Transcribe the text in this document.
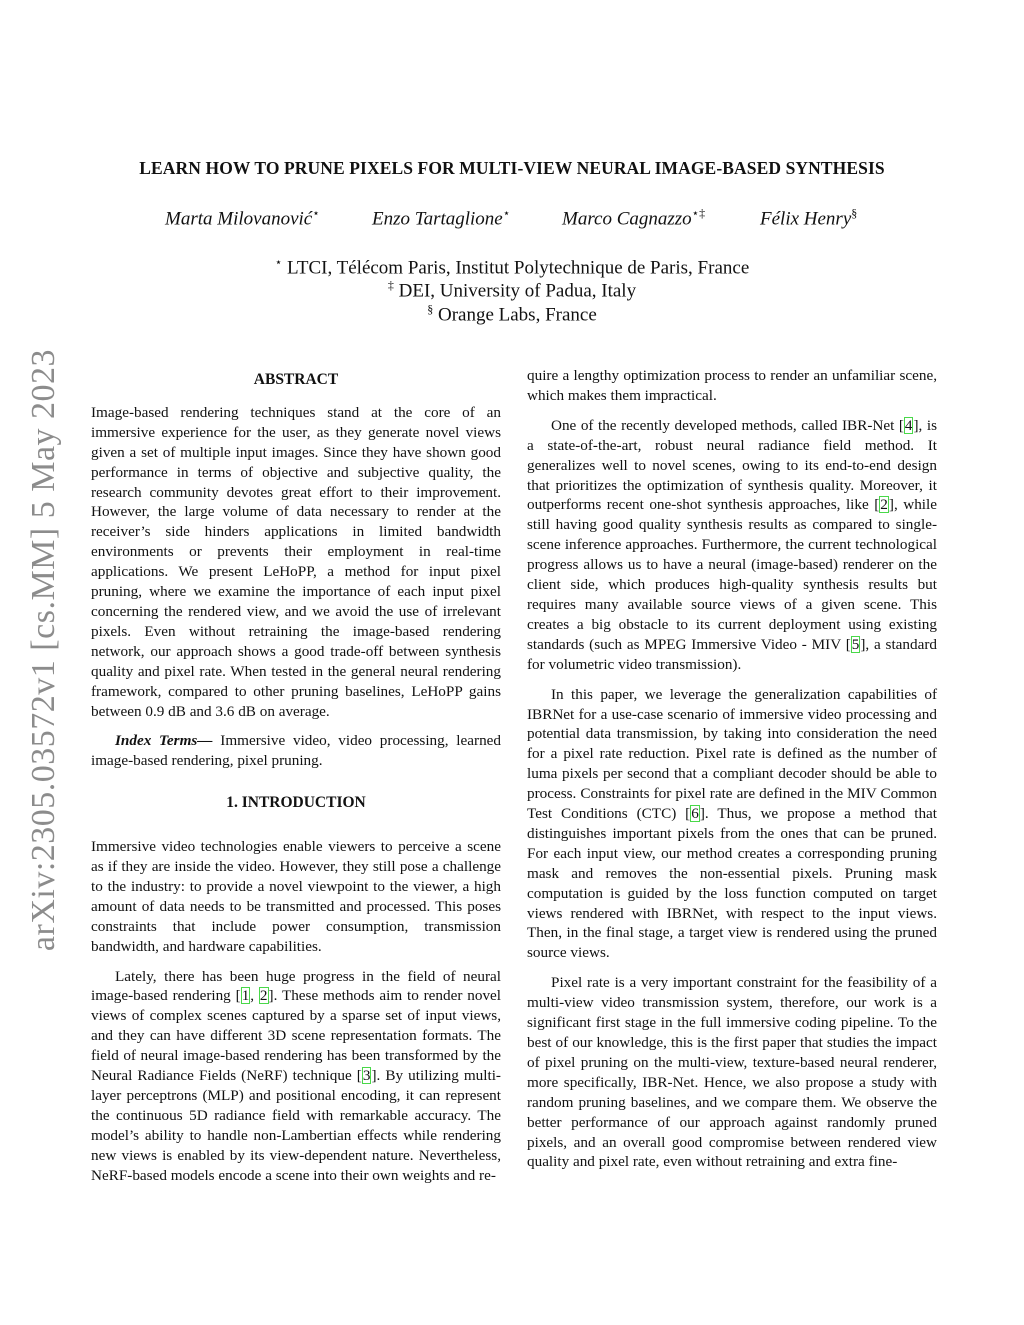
arXiv:2305.03572v1 [cs.MM] 5 May 2023
LEARN HOW TO PRUNE PIXELS FOR MULTI-VIEW NEURAL IMAGE-BASED SYNTHESIS
Marta Milovanović⋆	Enzo Tartaglione⋆	Marco Cagnazzo⋆‡	Félix Henry§
⋆ LTCI, Télécom Paris, Institut Polytechnique de Paris, France
‡ DEI, University of Padua, Italy
§ Orange Labs, France
ABSTRACT

Image-based rendering techniques stand at the core of an immersive experience for the user, as they generate novel views given a set of multiple input images. Since they have shown good performance in terms of objective and subjective quality, the research community devotes great effort to their improvement. However, the large volume of data necessary to render at the receiver’s side hinders applications in limited bandwidth environments or prevents their employment in real-time applications. We present LeHoPP, a method for input pixel pruning, where we examine the importance of each input pixel concerning the rendered view, and we avoid the use of irrelevant pixels. Even without retraining the image-based rendering network, our approach shows a good trade-off between synthesis quality and pixel rate. When tested in the general neural rendering framework, compared to other pruning baselines, LeHoPP gains between 0.9 dB and 3.6 dB on average.

Index Terms— Immersive video, video processing, learned image-based rendering, pixel pruning.

1. INTRODUCTION

Immersive video technologies enable viewers to perceive a scene as if they are inside the video. However, they still pose a challenge to the industry: to provide a novel viewpoint to the viewer, a high amount of data needs to be transmitted and processed. This poses constraints that include power consumption, transmission bandwidth, and hardware capabilities.

Lately, there has been huge progress in the field of neural image-based rendering [1, 2]. These methods aim to render novel views of complex scenes captured by a sparse set of input views, and they can have different 3D scene representation formats. The field of neural image-based rendering has been transformed by the Neural Radiance Fields (NeRF) technique [3]. By utilizing multi-layer perceptrons (MLP) and positional encoding, it can represent the continuous 5D radiance field with remarkable accuracy. The model’s ability to handle non-Lambertian effects while rendering new views is enabled by its view-dependent nature. Nevertheless, NeRF-based models encode a scene into their own weights and re-

quire a lengthy optimization process to render an unfamiliar scene, which makes them impractical.

One of the recently developed methods, called IBR-Net [4], is a state-of-the-art, robust neural radiance field method. It generalizes well to novel scenes, owing to its end-to-end design that prioritizes the optimization of synthesis quality. Moreover, it outperforms recent one-shot synthesis approaches, like [2], while still having good quality synthesis results as compared to single-scene inference approaches. Furthermore, the current technological progress allows us to have a neural (image-based) renderer on the client side, which produces high-quality synthesis results but requires many available source views of a given scene. This creates a big obstacle to its current deployment using existing standards (such as MPEG Immersive Video - MIV [5], a standard for volumetric video transmission).

In this paper, we leverage the generalization capabilities of IBRNet for a use-case scenario of immersive video processing and potential data transmission, by taking into consideration the need for a pixel rate reduction. Pixel rate is defined as the number of luma pixels per second that a compliant decoder should be able to process. Constraints for pixel rate are defined in the MIV Common Test Conditions (CTC) [6]. Thus, we propose a method that distinguishes important pixels from the ones that can be pruned. For each input view, our method creates a corresponding pruning mask and removes the non-essential pixels. Pruning mask computation is guided by the loss function computed on target views rendered with IBRNet, with respect to the input views. Then, in the final stage, a target view is rendered using the pruned source views.

Pixel rate is a very important constraint for the feasibility of a multi-view video transmission system, therefore, our work is a significant first stage in the full immersive coding pipeline. To the best of our knowledge, this is the first paper that studies the impact of pixel pruning on the multi-view, texture-based neural renderer, more specifically, IBR-Net. Hence, we also propose a study with random pruning baselines, and we compare them. We observe the better performance of our approach against randomly pruned pixels, and an overall good compromise between rendered view quality and pixel rate, even without retraining and extra fine-
